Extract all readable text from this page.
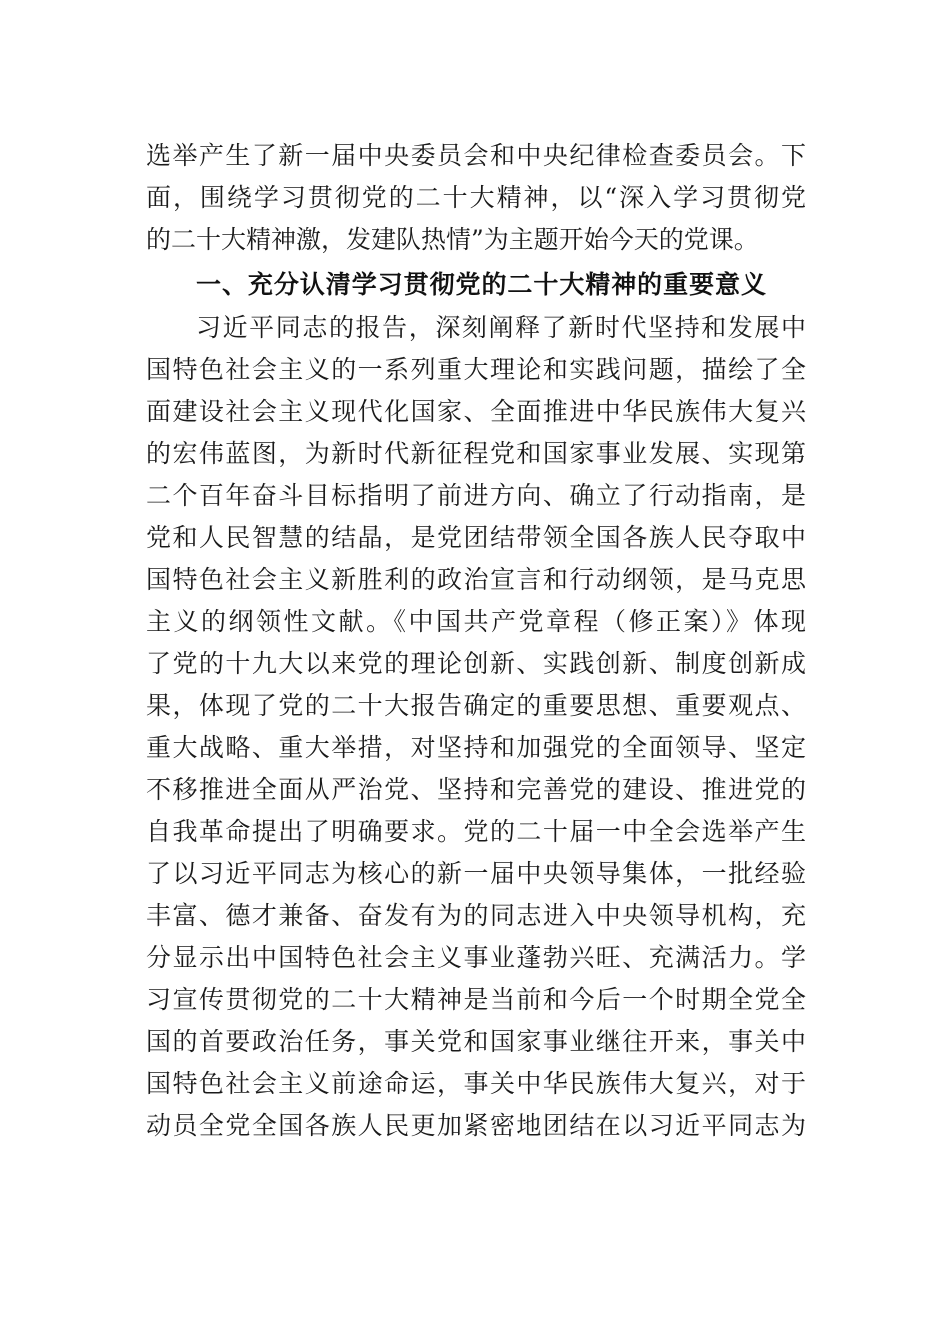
选举产生了新一届中央委员会和中央纪律检查委员会。下
面，围绕学习贯彻党的二十大精神，以“深入学习贯彻党
的二十大精神激，发建队热情”为主题开始今天的党课。
一、充分认清学习贯彻党的二十大精神的重要意义
习近平同志的报告，深刻阐释了新时代坚持和发展中
国特色社会主义的一系列重大理论和实践问题，描绘了全
面建设社会主义现代化国家、全面推进中华民族伟大复兴
的宏伟蓝图，为新时代新征程党和国家事业发展、实现第
二个百年奋斗目标指明了前进方向、确立了行动指南，是
党和人民智慧的结晶，是党团结带领全国各族人民夺取中
国特色社会主义新胜利的政治宣言和行动纲领，是马克思
主义的纲领性文献。《中国共产党章程（修正案）》体现
了党的十九大以来党的理论创新、实践创新、制度创新成
果，体现了党的二十大报告确定的重要思想、重要观点、
重大战略、重大举措，对坚持和加强党的全面领导、坚定
不移推进全面从严治党、坚持和完善党的建设、推进党的
自我革命提出了明确要求。党的二十届一中全会选举产生
了以习近平同志为核心的新一届中央领导集体，一批经验
丰富、德才兼备、奋发有为的同志进入中央领导机构，充
分显示出中国特色社会主义事业蓬勃兴旺、充满活力。学
习宣传贯彻党的二十大精神是当前和今后一个时期全党全
国的首要政治任务，事关党和国家事业继往开来，事关中
国特色社会主义前途命运，事关中华民族伟大复兴，对于
动员全党全国各族人民更加紧密地团结在以习近平同志为
